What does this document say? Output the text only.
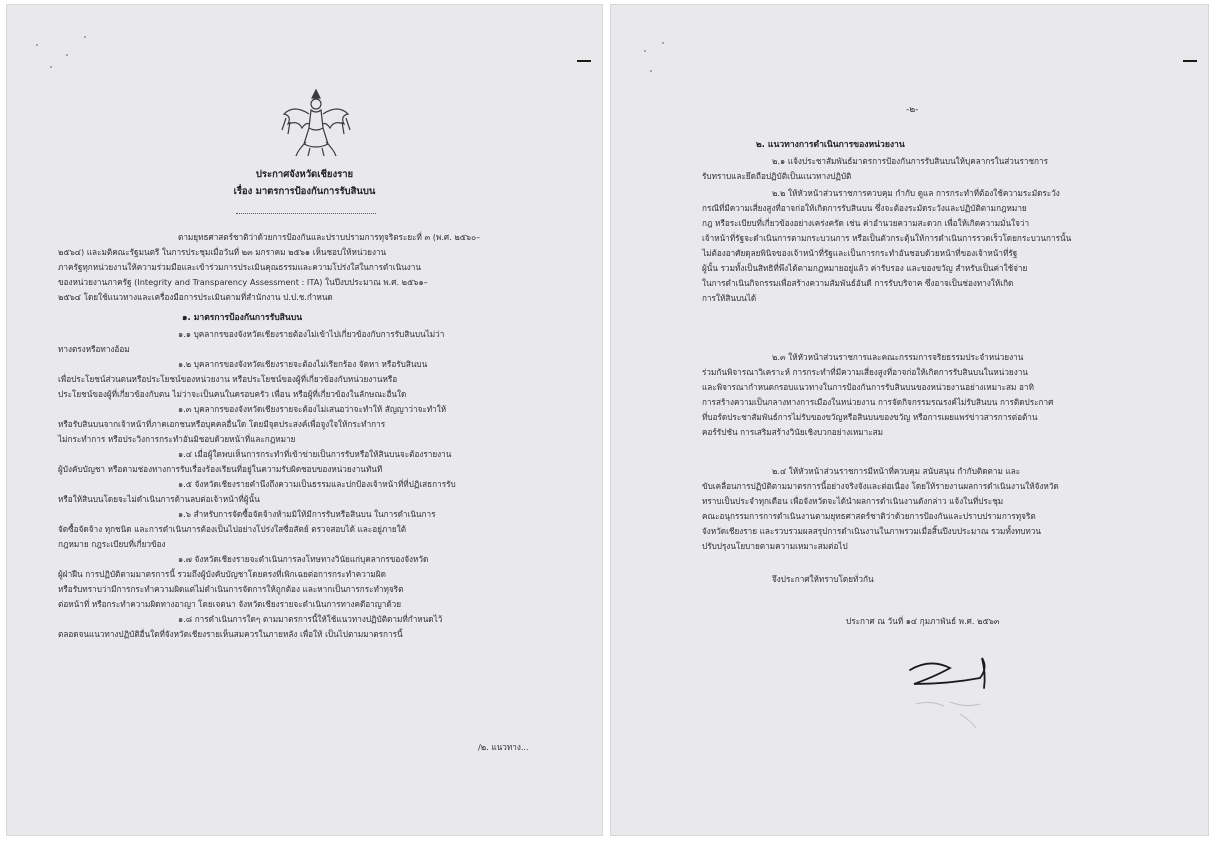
ประกาศจังหวัดเชียงราย
เรื่อง มาตรการป้องกันการรับสินบน
ตามยุทธศาสตร์ชาติว่าด้วยการป้องกันและปราบปรามการทุจริตระยะที่ ๓ (พ.ศ. ๒๕๖๐–
๒๕๖๔) และมติคณะรัฐมนตรี ในการประชุมเมื่อวันที่ ๒๓ มกราคม ๒๕๖๑ เห็นชอบให้หน่วยงาน
ภาครัฐทุกหน่วยงานให้ความร่วมมือและเข้าร่วมการประเมินคุณธรรมและความโปร่งใสในการดำเนินงาน
ของหน่วยงานภาครัฐ (Integrity and Transparency Assessment : ITA) ในปีงบประมาณ พ.ศ. ๒๕๖๑–
๒๕๖๔ โดยใช้แนวทางและเครื่องมือการประเมินตามที่สำนักงาน ป.ป.ช.กำหนด
๑. มาตรการป้องกันการรับสินบน
๑.๑ บุคลากรของจังหวัดเชียงรายต้องไม่เข้าไปเกี่ยวข้องกับการรับสินบนไม่ว่า
ทางตรงหรือทางอ้อม
๑.๒ บุคลากรของจังหวัดเชียงรายจะต้องไม่เรียกร้อง จัดหา หรือรับสินบน
เพื่อประโยชน์ส่วนตนหรือประโยชน์ของหน่วยงาน หรือประโยชน์ของผู้ที่เกี่ยวข้องกับหน่วยงานหรือ
ประโยชน์ของผู้ที่เกี่ยวข้องกับตน ไม่ว่าจะเป็นคนในครอบครัว เพื่อน หรือผู้ที่เกี่ยวข้องในลักษณะอื่นใด
๑.๓ บุคลากรของจังหวัดเชียงรายจะต้องไม่เสนอว่าจะทำให้ สัญญาว่าจะทำให้
หรือรับสินบนจากเจ้าหน้าที่ภาคเอกชนหรือบุคคลอื่นใด โดยมีจุดประสงค์เพื่อจูงใจให้กระทำการ
ไม่กระทำการ หรือประวิงการกระทำอันมิชอบด้วยหน้าที่และกฎหมาย
๑.๔ เมื่อผู้ใดพบเห็นการกระทำที่เข้าข่ายเป็นการรับหรือให้สินบนจะต้องรายงาน
ผู้บังคับบัญชา หรือตามช่องทางการรับเรื่องร้องเรียนที่อยู่ในความรับผิดชอบของหน่วยงานทันที
๑.๕ จังหวัดเชียงรายคำนึงถึงความเป็นธรรมและปกป้องเจ้าหน้าที่ที่ปฏิเสธการรับ
หรือให้สินบนโดยจะไม่ดำเนินการด้านลบต่อเจ้าหน้าที่ผู้นั้น
๑.๖ สำหรับการจัดซื้อจัดจ้างห้ามมิให้มีการรับหรือสินบน ในการดำเนินการ
จัดซื้อจัดจ้าง ทุกชนิด และการดำเนินการต้องเป็นไปอย่างโปร่งใสซื่อสัตย์ ตรวจสอบได้ และอยู่ภายใต้
กฎหมาย กฎระเบียบที่เกี่ยวข้อง
๑.๗ จังหวัดเชียงรายจะดำเนินการลงโทษทางวินัยแก่บุคลากรของจังหวัด
ผู้ฝ่าฝืน การปฏิบัติตามมาตรการนี้ รวมถึงผู้บังคับบัญชาโดยตรงที่เพิกเฉยต่อการกระทำความผิด
หรือรับทราบว่ามีการกระทำความผิดแต่ไม่ดำเนินการจัดการให้ถูกต้อง และหากเป็นการกระทำทุจริต
ต่อหน้าที่ หรือกระทำความผิดทางอาญา โดยเจตนา จังหวัดเชียงรายจะดำเนินการทางคดีอาญาด้วย
๑.๘ การดำเนินการใดๆ ตามมาตรการนี้ให้ใช้แนวทางปฏิบัติตามที่กำหนดไว้
ตลอดจนแนวทางปฏิบัติอื่นใดที่จังหวัดเชียงรายเห็นสมควรในภายหลัง เพื่อให้ เป็นไปตามมาตรการนี้
/๒. แนวทาง...
-๒-
๒. แนวทางการดำเนินการของหน่วยงาน
๒.๑ แจ้งประชาสัมพันธ์มาตรการป้องกันการรับสินบนให้บุคลากรในส่วนราชการ
รับทราบและยึดถือปฏิบัติเป็นแนวทางปฏิบัติ
๒.๒ ให้หัวหน้าส่วนราชการควบคุม กำกับ ดูแล การกระทำที่ต้องใช้ความระมัดระวัง
กรณีที่มีความเสี่ยงสูงที่อาจก่อให้เกิดการรับสินบน ซึ่งจะต้องระมัดระวังและปฏิบัติตามกฎหมาย
กฎ หรือระเบียบที่เกี่ยวข้องอย่างเคร่งครัด เช่น ค่าอำนวยความสะดวก เพื่อให้เกิดความมั่นใจว่า
เจ้าหน้าที่รัฐจะดำเนินการตามกระบวนการ หรือเป็นตัวกระตุ้นให้การดำเนินการรวดเร็วโดยกระบวนการนั้น
ไม่ต้องอาศัยดุลยพินิจของเจ้าหน้าที่รัฐและเป็นการกระทำอันชอบด้วยหน้าที่ของเจ้าหน้าที่รัฐ
ผู้นั้น รวมทั้งเป็นสิทธิที่พึงได้ตามกฎหมายอยู่แล้ว ค่ารับรอง และของขวัญ สำหรับเป็นค่าใช้จ่าย
ในการดำเนินกิจกรรมเพื่อสร้างความสัมพันธ์อันดี การรับบริจาค ซึ่งอาจเป็นช่องทางให้เกิด
การให้สินบนได้
๒.๓ ให้หัวหน้าส่วนราชการและคณะกรรมการจริยธรรมประจำหน่วยงาน
ร่วมกันพิจารณาวิเคราะห์ การกระทำที่มีความเสี่ยงสูงที่อาจก่อให้เกิดการรับสินบนในหน่วยงาน
และพิจารณากำหนดกรอบแนวทางในการป้องกันการรับสินบนของหน่วยงานอย่างเหมาะสม อาทิ
การสร้างความเป็นกลางทางการเมืองในหน่วยงาน การจัดกิจกรรมรณรงค์ไม่รับสินบน การติดประกาศ
ที่บอร์ดประชาสัมพันธ์การไม่รับของขวัญหรือสินบนของขวัญ หรือการเผยแพร่ข่าวสารการต่อต้าน
คอร์รัปชัน การเสริมสร้างวินัยเชิงบวกอย่างเหมาะสม
๒.๔ ให้หัวหน้าส่วนราชการมีหน้าที่ควบคุม สนับสนุน กำกับติดตาม และ
ขับเคลื่อนการปฏิบัติตามมาตรการนี้อย่างจริงจังและต่อเนื่อง โดยให้รายงานผลการดำเนินงานให้จังหวัด
ทราบเป็นประจำทุกเดือน เพื่อจังหวัดจะได้นำผลการดำเนินงานดังกล่าว แจ้งในที่ประชุม
คณะอนุกรรมการการดำเนินงานตามยุทธศาสตร์ชาติว่าด้วยการป้องกันและปราบปรามการทุจริต
จังหวัดเชียงราย และรวบรวมผลสรุปการดำเนินงานในภาพรวมเมื่อสิ้นปีงบประมาณ รวมทั้งทบทวน
ปรับปรุงนโยบายตามความเหมาะสมต่อไป
จึงประกาศให้ทราบโดยทั่วกัน
ประกาศ ณ วันที่ ๑๔ กุมภาพันธ์ พ.ศ. ๒๕๖๓
